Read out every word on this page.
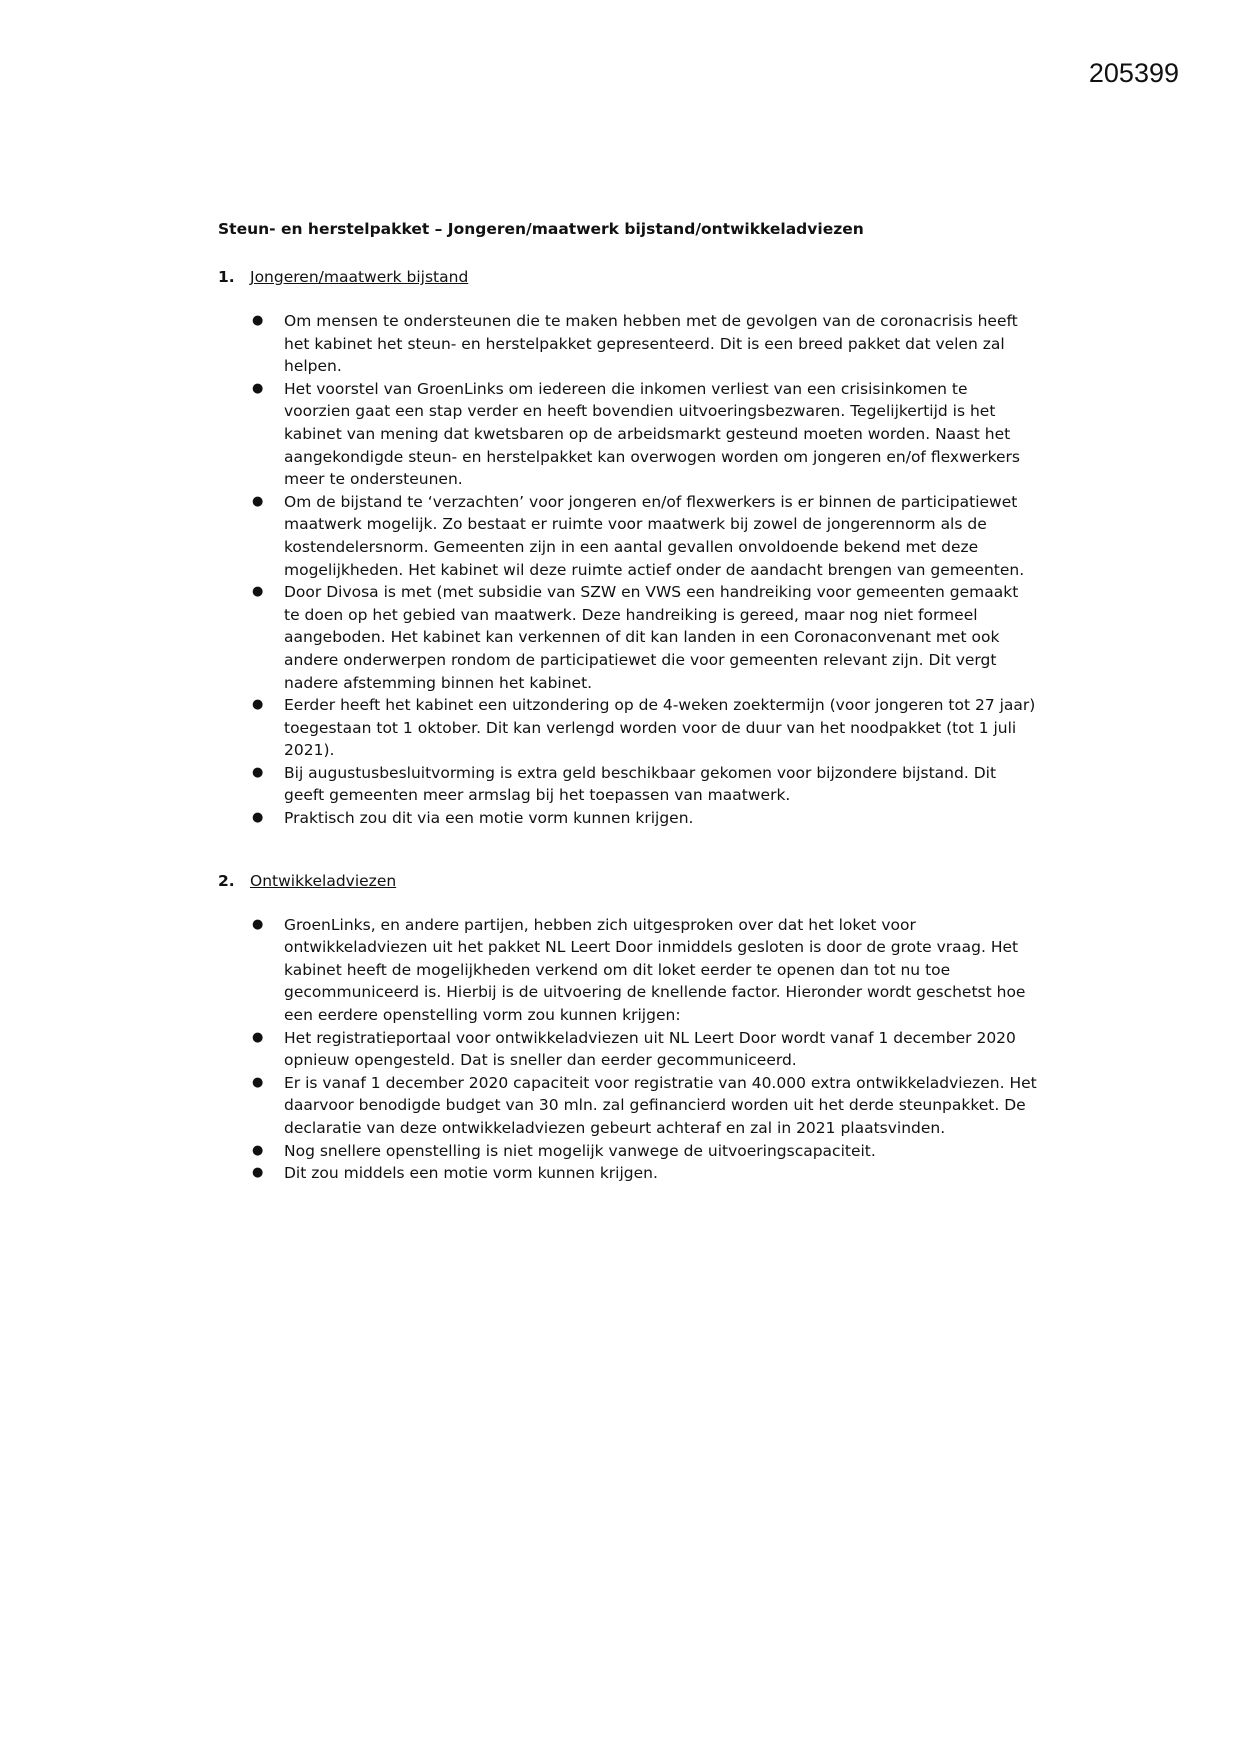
205399
Steun- en herstelpakket – Jongeren/maatwerk bijstand/ontwikkeladviezen
1. Jongeren/maatwerk bijstand
●	Om mensen te ondersteunen die te maken hebben met de gevolgen van de coronacrisis heeft het kabinet het steun- en herstelpakket gepresenteerd. Dit is een breed pakket dat velen zal helpen.
●	Het voorstel van GroenLinks om iedereen die inkomen verliest van een crisisinkomen te voorzien gaat een stap verder en heeft bovendien uitvoeringsbezwaren. Tegelijkertijd is het kabinet van mening dat kwetsbaren op de arbeidsmarkt gesteund moeten worden. Naast het aangekondigde steun- en herstelpakket kan overwogen worden om jongeren en/of flexwerkers meer te ondersteunen.
●	Om de bijstand te ‘verzachten’ voor jongeren en/of flexwerkers is er binnen de participatiewet maatwerk mogelijk. Zo bestaat er ruimte voor maatwerk bij zowel de jongerennorm als de kostendelersnorm. Gemeenten zijn in een aantal gevallen onvoldoende bekend met deze mogelijkheden. Het kabinet wil deze ruimte actief onder de aandacht brengen van gemeenten.
●	Door Divosa is met (met subsidie van SZW en VWS een handreiking voor gemeenten gemaakt te doen op het gebied van maatwerk. Deze handreiking is gereed, maar nog niet formeel aangeboden. Het kabinet kan verkennen of dit kan landen in een Coronaconvenant met ook andere onderwerpen rondom de participatiewet die voor gemeenten relevant zijn. Dit vergt nadere afstemming binnen het kabinet.
●	Eerder heeft het kabinet een uitzondering op de 4-weken zoektermijn (voor jongeren tot 27 jaar) toegestaan tot 1 oktober. Dit kan verlengd worden voor de duur van het noodpakket (tot 1 juli 2021).
●	Bij augustusbesluitvorming is extra geld beschikbaar gekomen voor bijzondere bijstand. Dit geeft gemeenten meer armslag bij het toepassen van maatwerk.
●	Praktisch zou dit via een motie vorm kunnen krijgen.
2. Ontwikkeladviezen
●	GroenLinks, en andere partijen, hebben zich uitgesproken over dat het loket voor ontwikkeladviezen uit het pakket NL Leert Door inmiddels gesloten is door de grote vraag. Het kabinet heeft de mogelijkheden verkend om dit loket eerder te openen dan tot nu toe gecommuniceerd is. Hierbij is de uitvoering de knellende factor. Hieronder wordt geschetst hoe een eerdere openstelling vorm zou kunnen krijgen:
●	Het registratieportaal voor ontwikkeladviezen uit NL Leert Door wordt vanaf 1 december 2020 opnieuw opengesteld. Dat is sneller dan eerder gecommuniceerd.
●	Er is vanaf 1 december 2020 capaciteit voor registratie van 40.000 extra ontwikkeladviezen. Het daarvoor benodigde budget van 30 mln. zal gefinancierd worden uit het derde steunpakket. De declaratie van deze ontwikkeladviezen gebeurt achteraf en zal in 2021 plaatsvinden.
●	Nog snellere openstelling is niet mogelijk vanwege de uitvoeringscapaciteit.
●	Dit zou middels een motie vorm kunnen krijgen.
